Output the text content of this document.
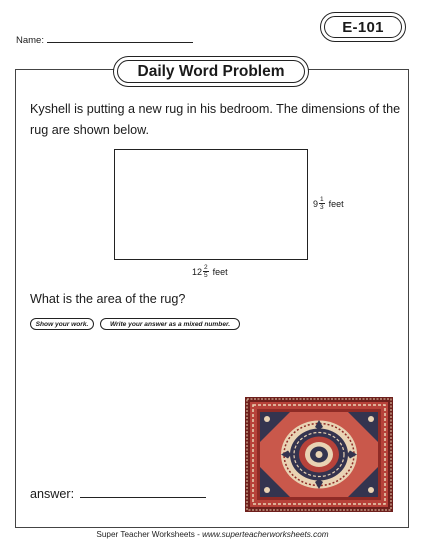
Name:
E-101
Daily Word Problem
Kyshell is putting a new rug in his bedroom. The dimensions of the rug are shown below.
$9 \frac{1}{3}$ feet
$12 \frac{2}{5}$ feet
What is the area of the rug?
Show your work.	Write your answer as a mixed number.
answer:
Super Teacher Worksheets - www.superteacherworksheets.com
